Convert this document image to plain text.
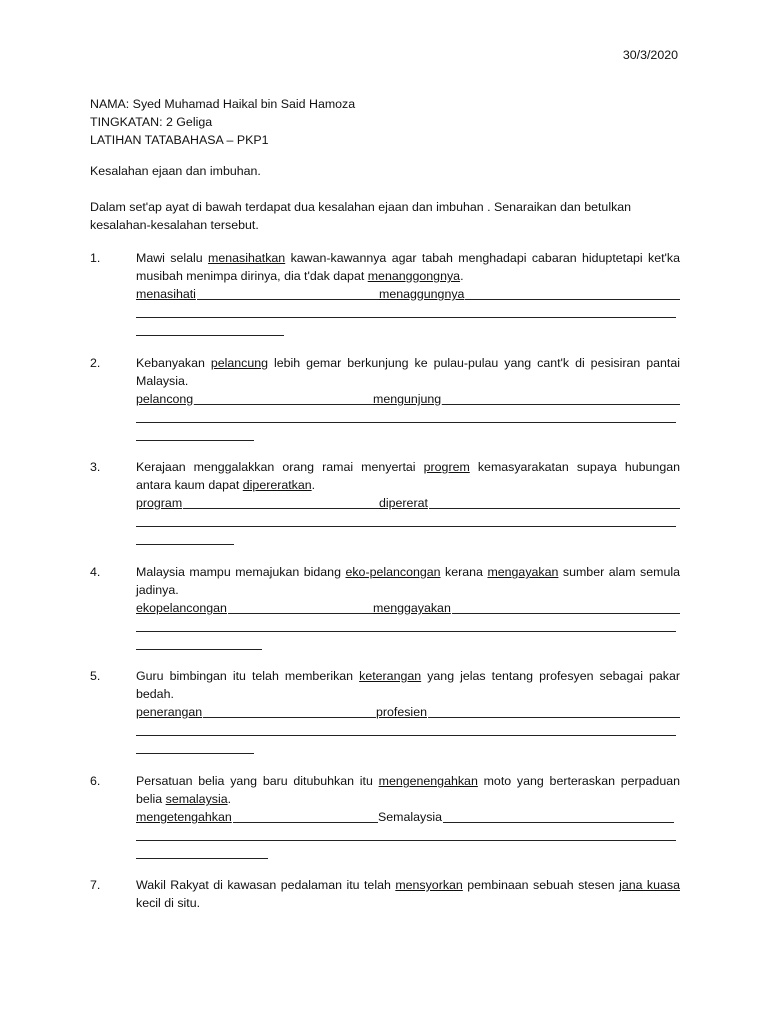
30/3/2020
NAMA: Syed Muhamad Haikal bin Said Hamoza
TINGKATAN: 2 Geliga
LATIHAN TATABAHASA – PKP1
Kesalahan ejaan dan imbuhan.
Dalam set'ap ayat di bawah terdapat dua kesalahan ejaan dan imbuhan . Senaraikan dan betulkan kesalahan-kesalahan tersebut.
1.	Mawi selalu menasihatkan kawan-kawannya agar tabah menghadapi cabaran hiduptetapi ket'ka musibah menimpa dirinya, dia t'dak dapat menanggongnya.
menasihati	menaggungnya
2.	Kebanyakan pelancung lebih gemar berkunjung ke pulau-pulau yang cant'k di pesisiran pantai Malaysia.
pelancong	mengunjung
3.	Kerajaan menggalakkan orang ramai menyertai progrem kemasyarakatan supaya hubungan antara kaum dapat dipereratkan.
program	dipererat
4.	Malaysia mampu memajukan bidang eko-pelancongan kerana mengayakan sumber alam semula jadinya.
ekopelancongan	menggayakan
5.	Guru bimbingan itu telah memberikan keterangan yang jelas tentang profesyen sebagai pakar bedah.
penerangan	profesien
6.	Persatuan belia yang baru ditubuhkan itu mengenengahkan moto yang berteraskan perpaduan belia semalaysia.
mengetengahkan	Semalaysia
7.	Wakil Rakyat di kawasan pedalaman itu telah mensyorkan pembinaan sebuah stesen jana kuasa kecil di situ.
